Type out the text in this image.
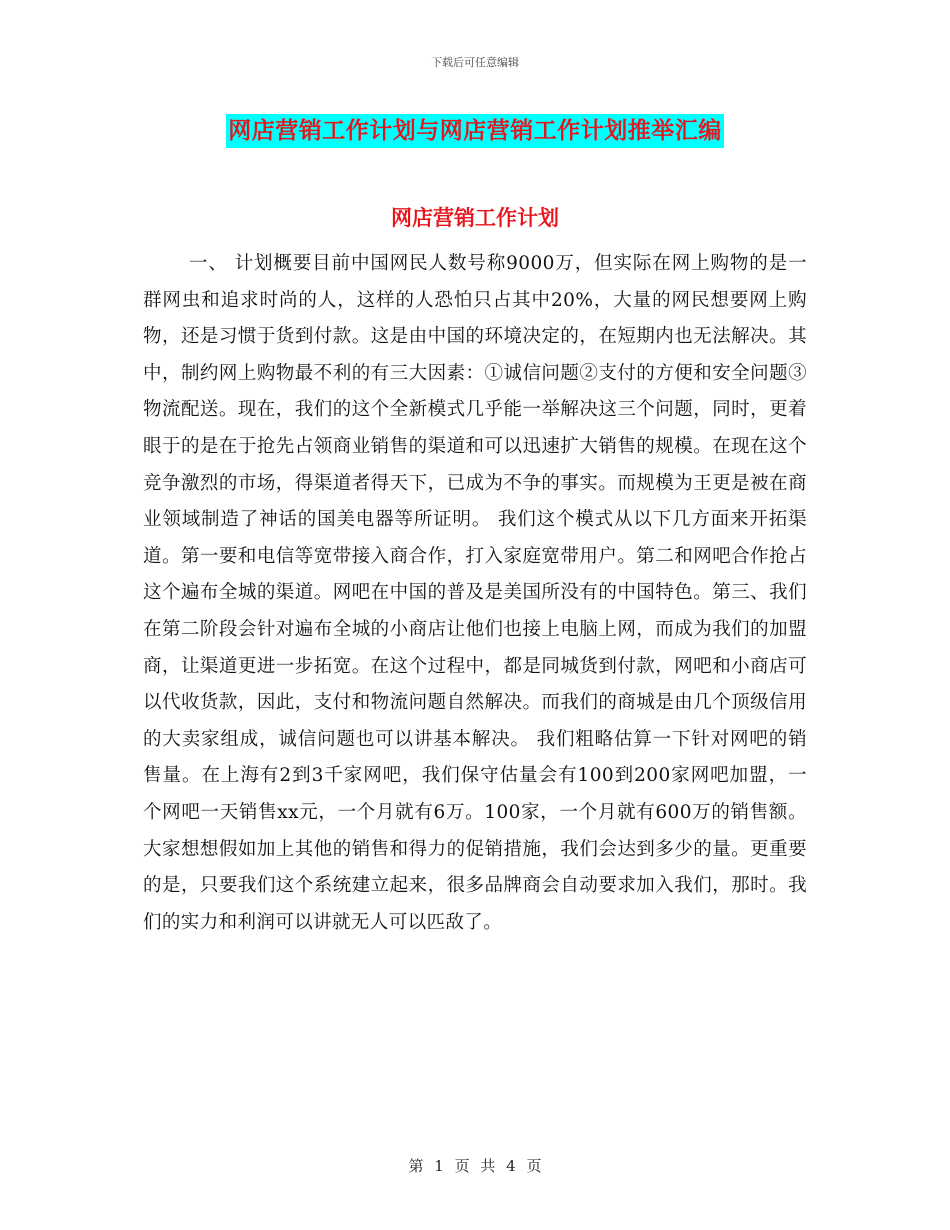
下载后可任意编辑
网店营销工作计划与网店营销工作计划推举汇编
网店营销工作计划

一、 计划概要目前中国网民人数号称9000万，但实际在网上购物的是一群网虫和追求时尚的人，这样的人恐怕只占其中20%，大量的网民想要网上购物，还是习惯于货到付款。这是由中国的环境决定的，在短期内也无法解决。其中，制约网上购物最不利的有三大因素：①诚信问题②支付的方便和安全问题③物流配送。现在，我们的这个全新模式几乎能一举解决这三个问题，同时，更着眼于的是在于抢先占领商业销售的渠道和可以迅速扩大销售的规模。在现在这个竞争激烈的市场，得渠道者得天下，已成为不争的事实。而规模为王更是被在商业领域制造了神话的国美电器等所证明。 我们这个模式从以下几方面来开拓渠道。第一要和电信等宽带接入商合作，打入家庭宽带用户。第二和网吧合作抢占这个遍布全城的渠道。网吧在中国的普及是美国所没有的中国特色。第三、我们在第二阶段会针对遍布全城的小商店让他们也接上电脑上网，而成为我们的加盟商，让渠道更进一步拓宽。在这个过程中，都是同城货到付款，网吧和小商店可以代收货款，因此，支付和物流问题自然解决。而我们的商城是由几个顶级信用的大卖家组成，诚信问题也可以讲基本解决。 我们粗略估算一下针对网吧的销售量。在上海有2到3千家网吧，我们保守估量会有100到200家网吧加盟，一个网吧一天销售xx元，一个月就有6万。100家，一个月就有600万的销售额。大家想想假如加上其他的销售和得力的促销措施，我们会达到多少的量。更重要的是，只要我们这个系统建立起来，很多品牌商会自动要求加入我们，那时。我们的实力和利润可以讲就无人可以匹敌了。

第 1 页 共 4 页
